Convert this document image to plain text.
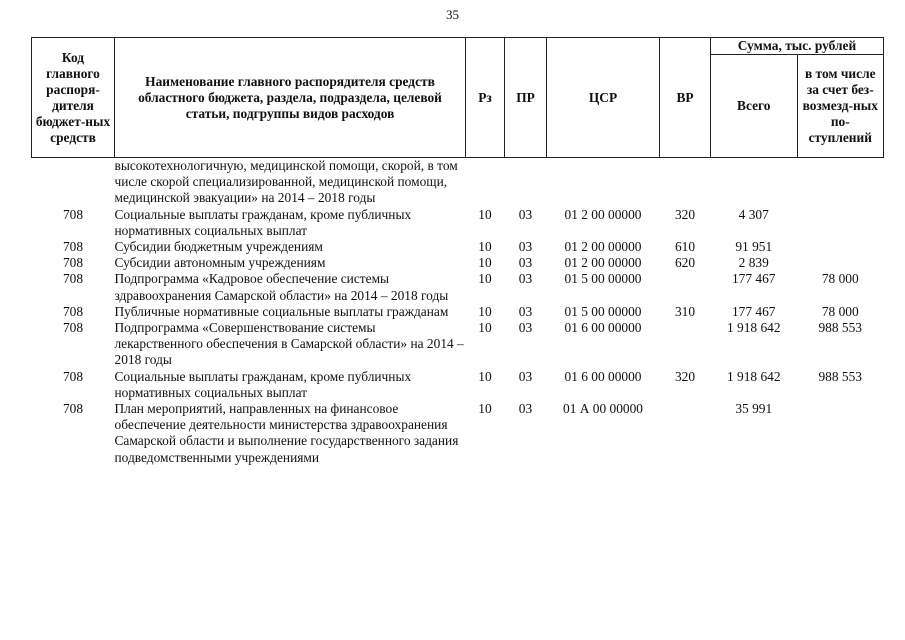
35
Код главного распоря-дителя бюджет-ных средств	Наименование главного распорядителя средств областного бюджета, раздела, подраздела, целевой статьи, подгруппы видов расходов	Рз	ПР	ЦСР	ВР	Сумма, тыс. рублей	
						Всего	в том числе за счет без-возмезд-ных по-ступлений
	высокотехнологичную, медицинской помощи, скорой, в том числе скорой специализированной, медицинской помощи, медицинской эвакуации» на 2014 – 2018 годы						
708	Социальные выплаты гражданам, кроме публичных нормативных социальных выплат	10	03	01 2 00 00000	320	4 307	
708	Субсидии бюджетным учреждениям	10	03	01 2 00 00000	610	91 951	
708	Субсидии автономным учреждениям	10	03	01 2 00 00000	620	2 839	
708	Подпрограмма «Кадровое обеспечение системы здравоохранения Самарской области» на 2014 – 2018 годы	10	03	01 5 00 00000		177 467	78 000
708	Публичные нормативные социальные выплаты гражданам	10	03	01 5 00 00000	310	177 467	78 000
708	Подпрограмма «Совершенствование системы лекарственного обеспечения в Самарской области» на 2014 – 2018 годы	10	03	01 6 00 00000		1 918 642	988 553
708	Социальные выплаты гражданам, кроме публичных нормативных социальных выплат	10	03	01 6 00 00000	320	1 918 642	988 553
708	План мероприятий, направленных на финансовое обеспечение деятельности министерства здравоохранения Самарской области и выполнение государственного задания подведомственными учреждениями	10	03	01 А 00 00000		35 991	
